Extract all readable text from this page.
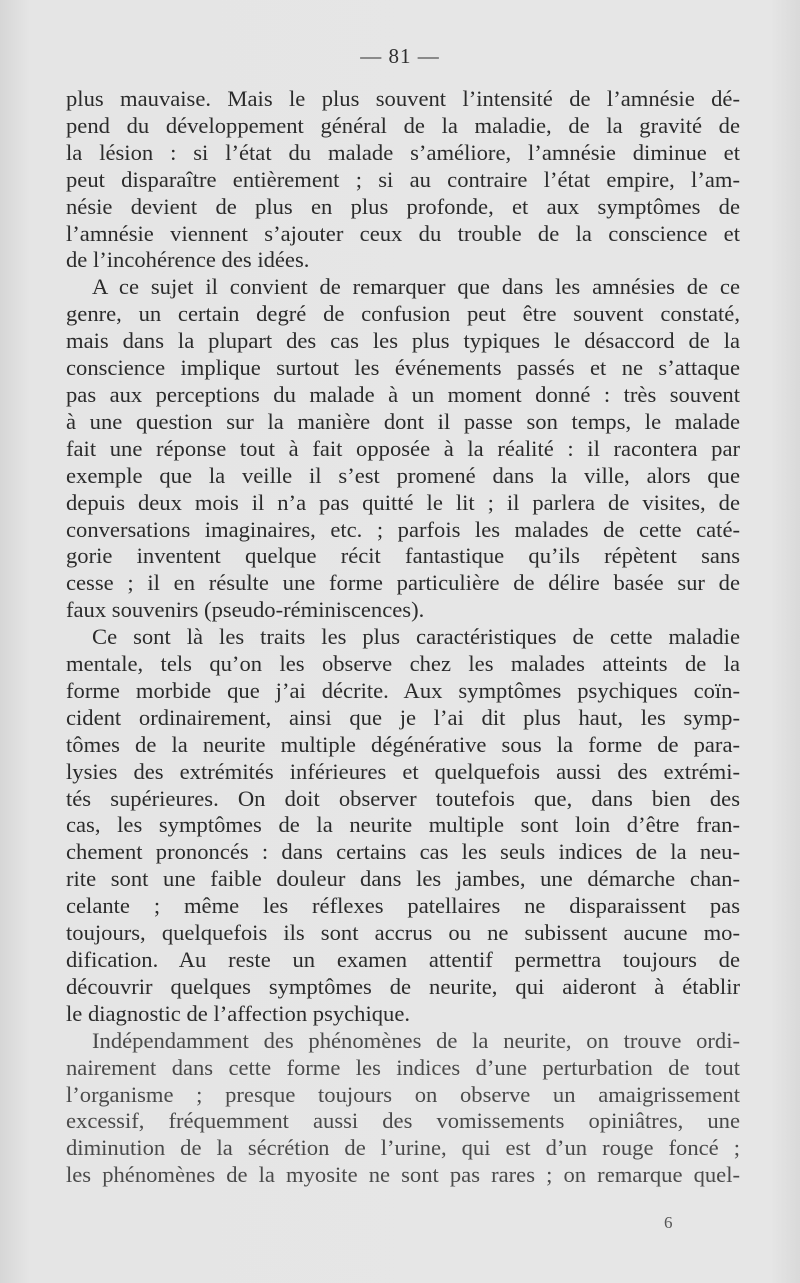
— 81 —
plus mauvaise. Mais le plus souvent l’intensité de l’amnésie dé-
pend du développement général de la maladie, de la gravité de
la lésion : si l’état du malade s’améliore, l’amnésie diminue et
peut disparaître entièrement ; si au contraire l’état empire, l’am-
nésie devient de plus en plus profonde, et aux symptômes de
l’amnésie viennent s’ajouter ceux du trouble de la conscience et
de l’incohérence des idées.
A ce sujet il convient de remarquer que dans les amnésies de ce
genre, un certain degré de confusion peut être souvent constaté,
mais dans la plupart des cas les plus typiques le désaccord de la
conscience implique surtout les événements passés et ne s’attaque
pas aux perceptions du malade à un moment donné : très souvent
à une question sur la manière dont il passe son temps, le malade
fait une réponse tout à fait opposée à la réalité : il racontera par
exemple que la veille il s’est promené dans la ville, alors que
depuis deux mois il n’a pas quitté le lit ; il parlera de visites, de
conversations imaginaires, etc. ; parfois les malades de cette caté-
gorie inventent quelque récit fantastique qu’ils répètent sans
cesse ; il en résulte une forme particulière de délire basée sur de
faux souvenirs (pseudo-réminiscences).
Ce sont là les traits les plus caractéristiques de cette maladie
mentale, tels qu’on les observe chez les malades atteints de la
forme morbide que j’ai décrite. Aux symptômes psychiques coïn-
cident ordinairement, ainsi que je l’ai dit plus haut, les symp-
tômes de la neurite multiple dégénérative sous la forme de para-
lysies des extrémités inférieures et quelquefois aussi des extrémi-
tés supérieures. On doit observer toutefois que, dans bien des
cas, les symptômes de la neurite multiple sont loin d’être fran-
chement prononcés : dans certains cas les seuls indices de la neu-
rite sont une faible douleur dans les jambes, une démarche chan-
celante ; même les réflexes patellaires ne disparaissent pas
toujours, quelquefois ils sont accrus ou ne subissent aucune mo-
dification. Au reste un examen attentif permettra toujours de
découvrir quelques symptômes de neurite, qui aideront à établir
le diagnostic de l’affection psychique.
Indépendamment des phénomènes de la neurite, on trouve ordi-
nairement dans cette forme les indices d’une perturbation de tout
l’organisme ; presque toujours on observe un amaigrissement
excessif, fréquemment aussi des vomissements opiniâtres, une
diminution de la sécrétion de l’urine, qui est d’un rouge foncé ;
les phénomènes de la myosite ne sont pas rares ; on remarque quel-
6
